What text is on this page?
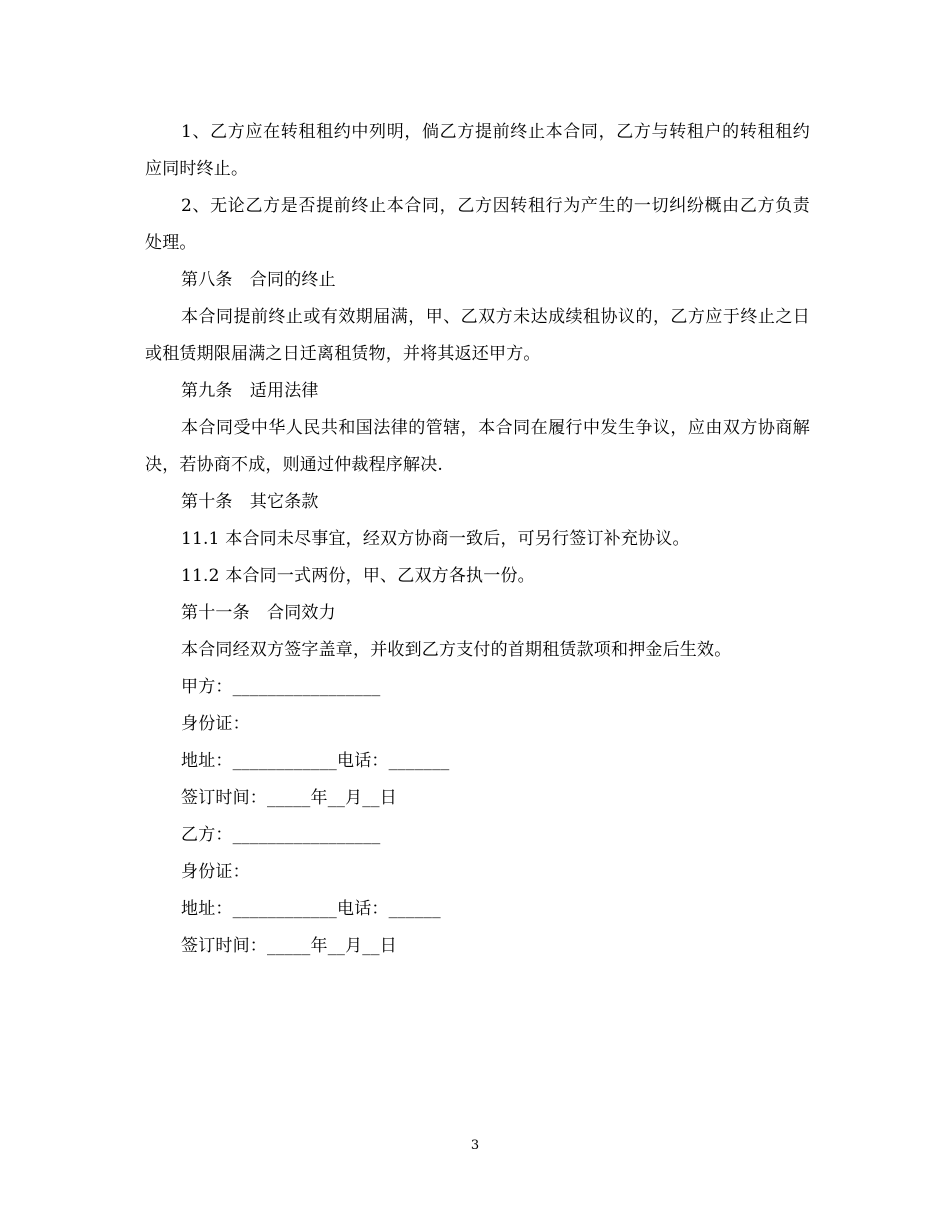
1、乙方应在转租租约中列明，倘乙方提前终止本合同，乙方与转租户的转租租约应同时终止。

2、无论乙方是否提前终止本合同，乙方因转租行为产生的一切纠纷概由乙方负责处理。

第八条　合同的终止

本合同提前终止或有效期届满，甲、乙双方未达成续租协议的，乙方应于终止之日或租赁期限届满之日迁离租赁物，并将其返还甲方。

第九条　适用法律

本合同受中华人民共和国法律的管辖，本合同在履行中发生争议，应由双方协商解决，若协商不成，则通过仲裁程序解决.

第十条　其它条款

11.1 本合同未尽事宜，经双方协商一致后，可另行签订补充协议。

11.2 本合同一式两份，甲、乙双方各执一份。

第十一条　合同效力

本合同经双方签字盖章，并收到乙方支付的首期租赁款项和押金后生效。

甲方：_________________

身份证：

地址：____________电话：_______

签订时间：_____年__月__日

乙方：_________________

身份证：

地址：____________电话：______

签订时间：_____年__月__日

3
